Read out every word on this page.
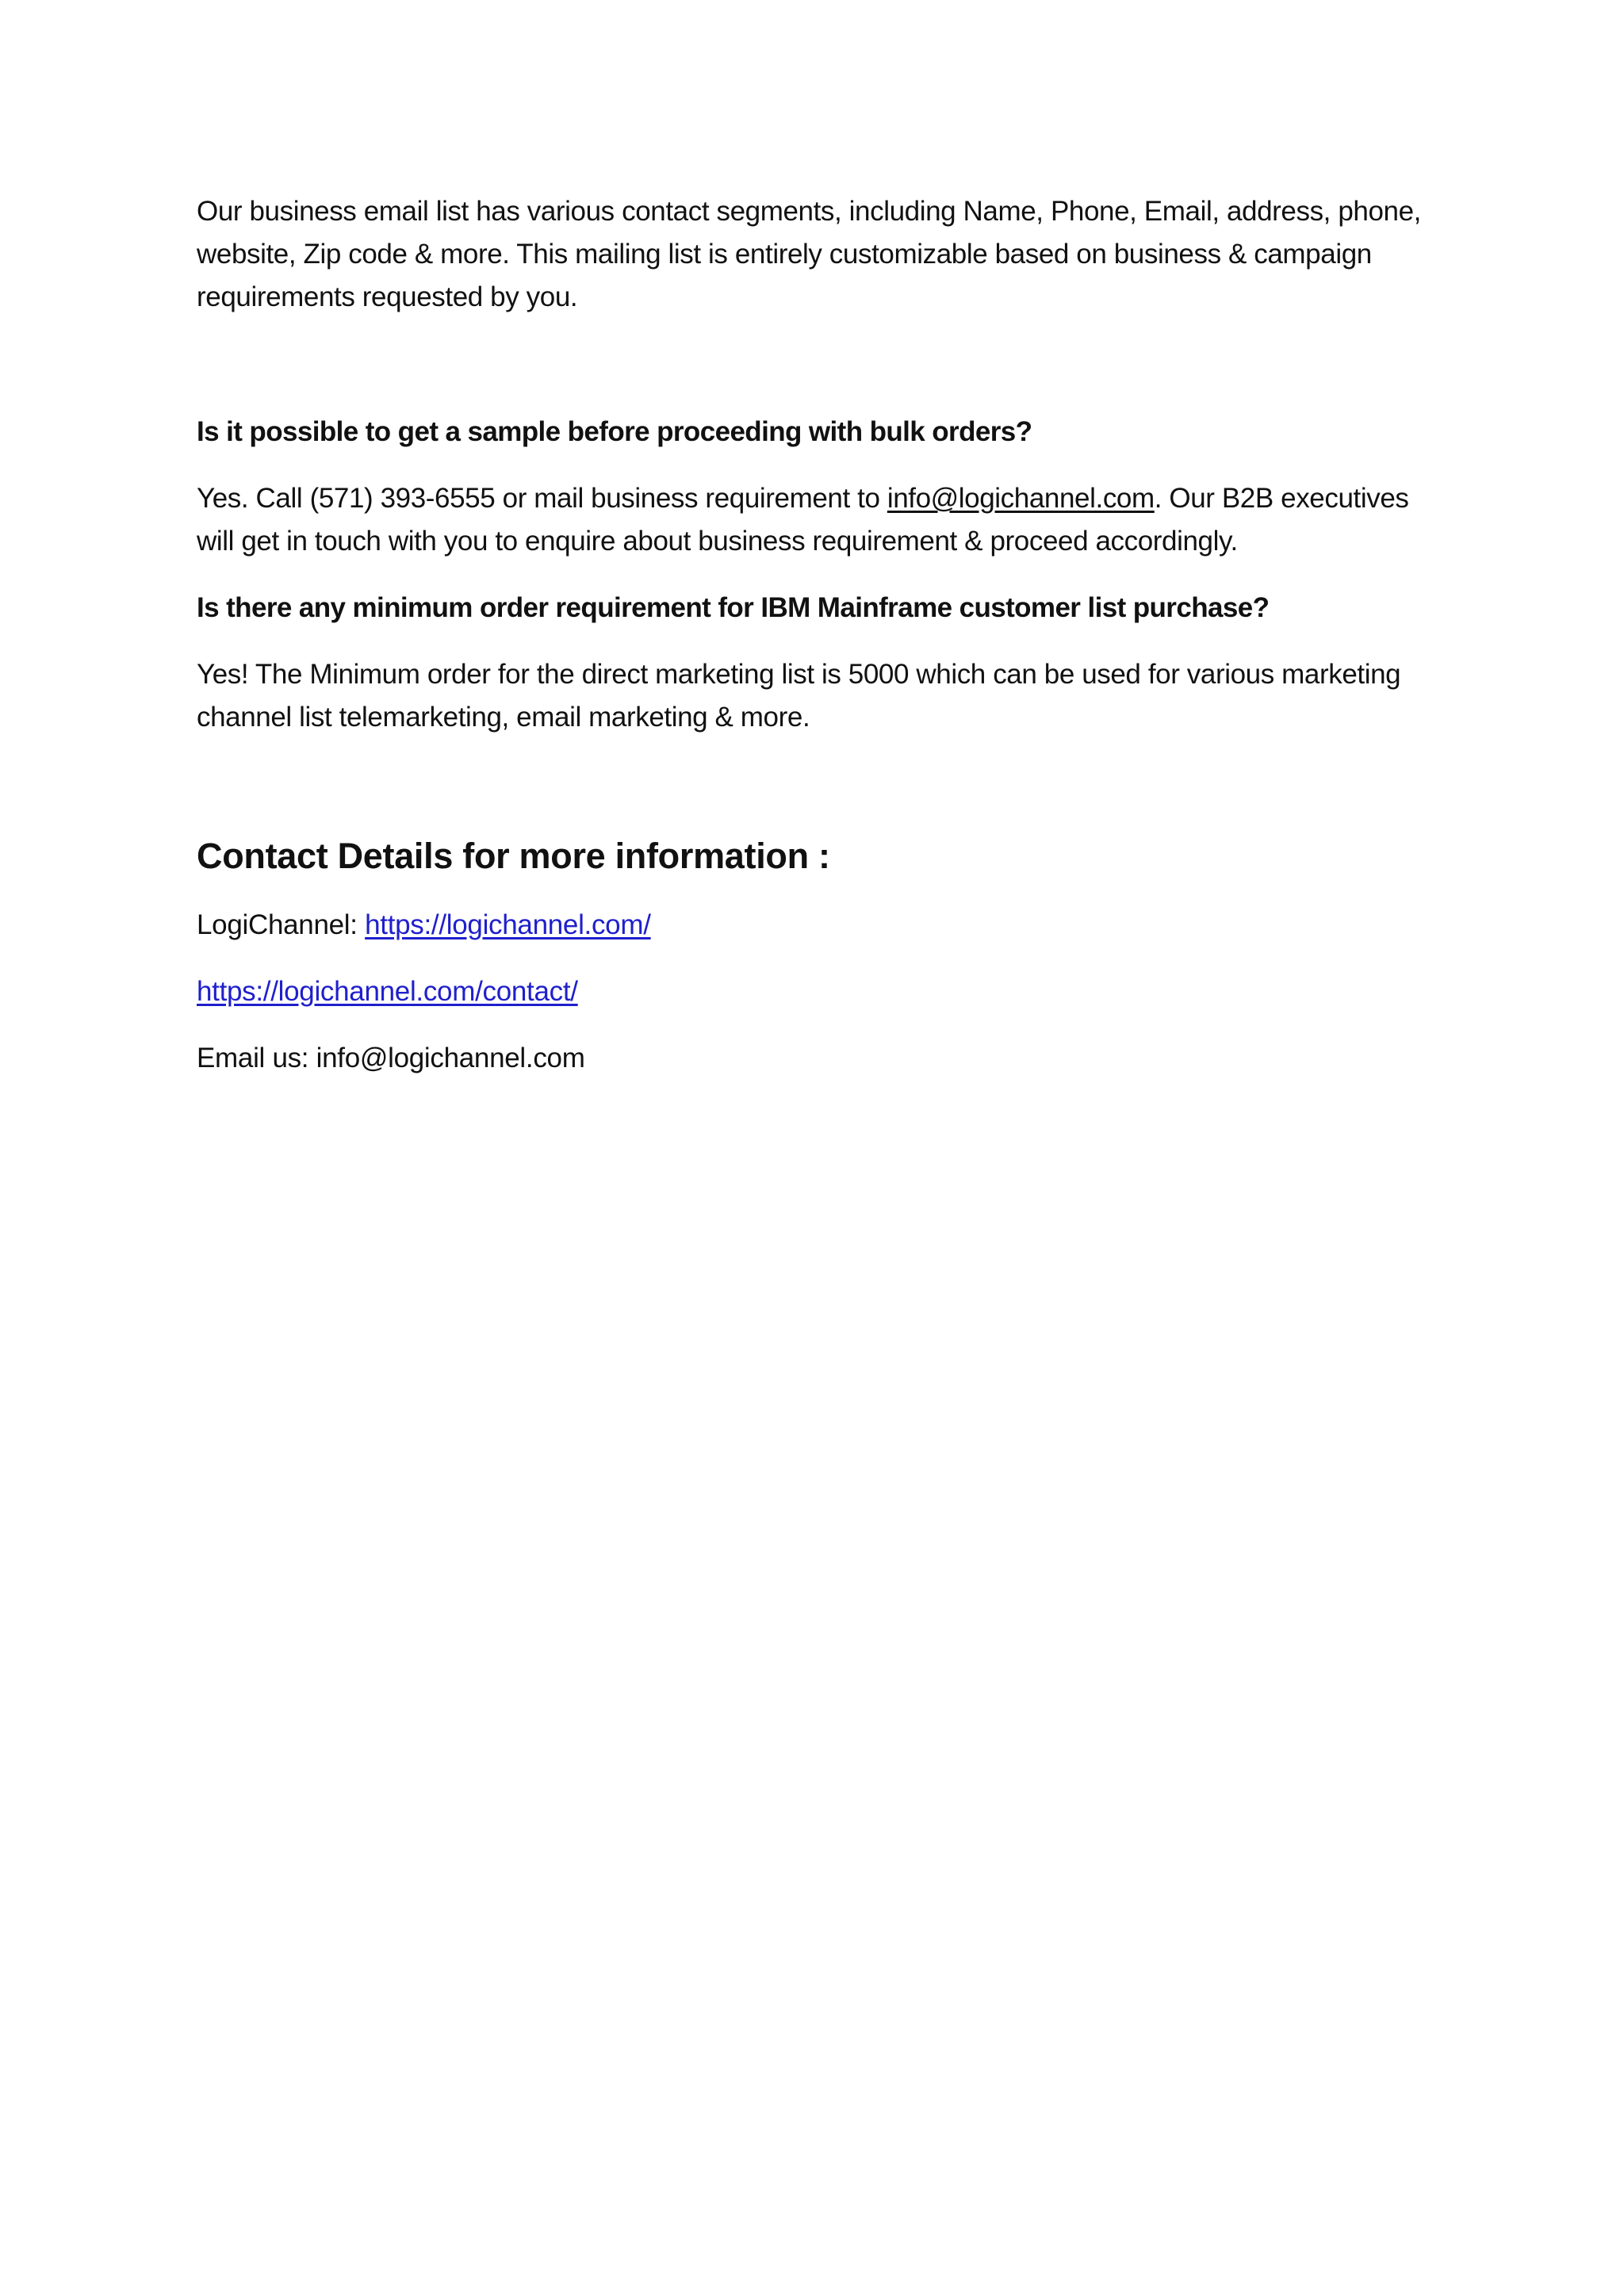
Our business email list has various contact segments, including Name, Phone, Email, address, phone, website, Zip code & more. This mailing list is entirely customizable based on business & campaign requirements requested by you.

Is it possible to get a sample before proceeding with bulk orders?

Yes. Call (571) 393-6555 or mail business requirement to info@logichannel.com. Our B2B executives will get in touch with you to enquire about business requirement & proceed accordingly.

Is there any minimum order requirement for IBM Mainframe customer list purchase?

Yes! The Minimum order for the direct marketing list is 5000 which can be used for various marketing channel list telemarketing, email marketing & more.

Contact Details for more information :

LogiChannel: https://logichannel.com/

https://logichannel.com/contact/

Email us: info@logichannel.com
